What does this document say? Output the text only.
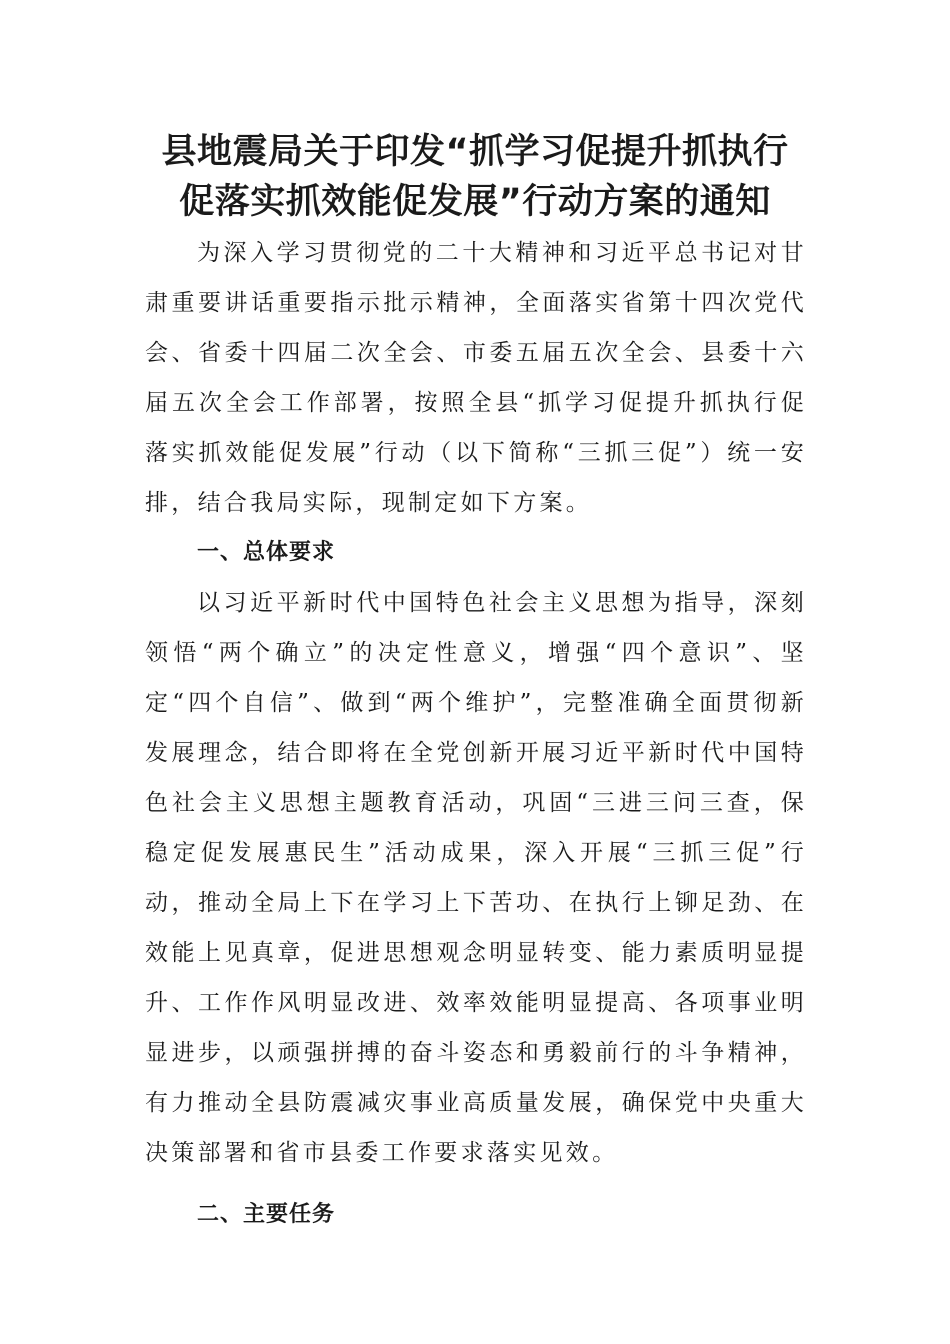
县地震局关于印发“抓学习促提升抓执行
促落实抓效能促发展”行动方案的通知

为深入学习贯彻党的二十大精神和习近平总书记对甘肃重要讲话重要指示批示精神，全面落实省第十四次党代会、省委十四届二次全会、市委五届五次全会、县委十六届五次全会工作部署，按照全县“抓学习促提升抓执行促落实抓效能促发展”行动（以下简称“三抓三促”）统一安排，结合我局实际，现制定如下方案。

一、总体要求

以习近平新时代中国特色社会主义思想为指导，深刻领悟“两个确立”的决定性意义，增强“四个意识”、坚定“四个自信”、做到“两个维护”，完整准确全面贯彻新发展理念，结合即将在全党创新开展习近平新时代中国特色社会主义思想主题教育活动，巩固“三进三问三查，保稳定促发展惠民生”活动成果，深入开展“三抓三促”行动，推动全局上下在学习上下苦功、在执行上铆足劲、在效能上见真章，促进思想观念明显转变、能力素质明显提升、工作作风明显改进、效率效能明显提高、各项事业明显进步，以顽强拼搏的奋斗姿态和勇毅前行的斗争精神，有力推动全县防震减灾事业高质量发展，确保党中央重大决策部署和省市县委工作要求落实见效。

二、主要任务
